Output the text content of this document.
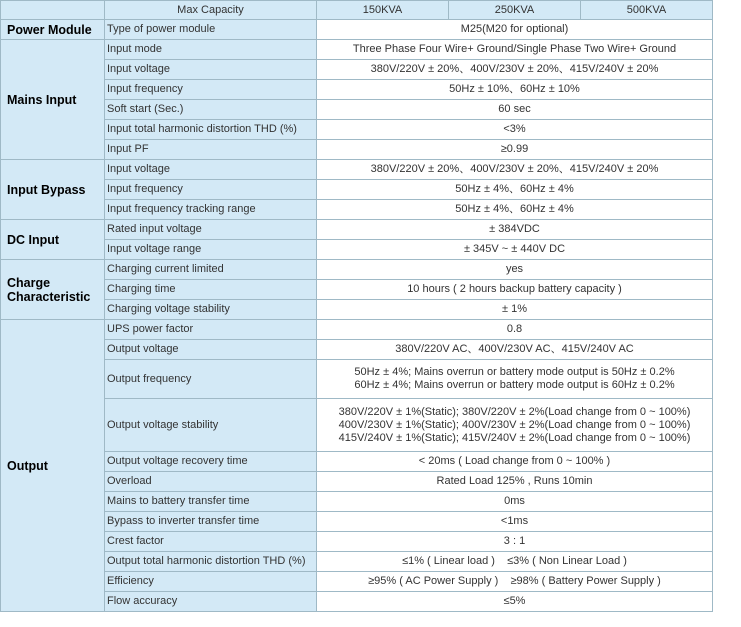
	Max Capacity	150KVA	250KVA	500KVA
Power Module	Type of power module	M25(M20 for optional)		
Mains Input	Input mode	Three Phase Four Wire+ Ground/Single Phase Two Wire+ Ground		
	Input voltage	380V/220V ± 20%、400V/230V ± 20%、415V/240V ± 20%		
	Input frequency	50Hz ± 10%、60Hz ± 10%		
	Soft start (Sec.)	60 sec		
	Input total harmonic distortion THD (%)	<3%		
	Input PF	≥0.99		
Input Bypass	Input voltage	380V/220V ± 20%、400V/230V ± 20%、415V/240V ± 20%		
	Input frequency	50Hz ± 4%、60Hz ± 4%		
	Input frequency tracking range	50Hz ± 4%、60Hz ± 4%		
DC Input	Rated input voltage	± 384VDC		
	Input voltage range	± 345V ~ ± 440V DC		
Charge Characteristic	Charging current limited	yes		
	Charging time	10 hours ( 2 hours backup battery capacity )		
	Charging voltage stability	± 1%		
Output	UPS power factor	0.8		
	Output voltage	380V/220V AC、400V/230V AC、415V/240V AC		
	Output frequency	50Hz ± 4%; Mains overrun or battery mode output is 50Hz ± 0.2%
60Hz ± 4%; Mains overrun or battery mode output is 60Hz ± 0.2%		

	Output voltage stability	380V/220V ± 1%(Static); 380V/220V ± 2%(Load change from 0 ~ 100%)
400V/230V ± 1%(Static); 400V/230V ± 2%(Load change from 0 ~ 100%)
415V/240V ± 1%(Static); 415V/240V ± 2%(Load change from 0 ~ 100%)		

	Output voltage recovery time	< 20ms ( Load change from 0 ~ 100% )		
	Overload	Rated Load 125% , Runs 10min		
	Mains to battery transfer time	0ms		
	Bypass to inverter transfer time	<1ms		
	Crest factor	3 : 1		
	Output total harmonic distortion THD (%)	≤1% ( Linear load )    ≤3% ( Non Linear Load )		
	Efficiency	≥95% ( AC Power Supply )    ≥98% ( Battery Power Supply )		
	Flow accuracy	≤5%		
